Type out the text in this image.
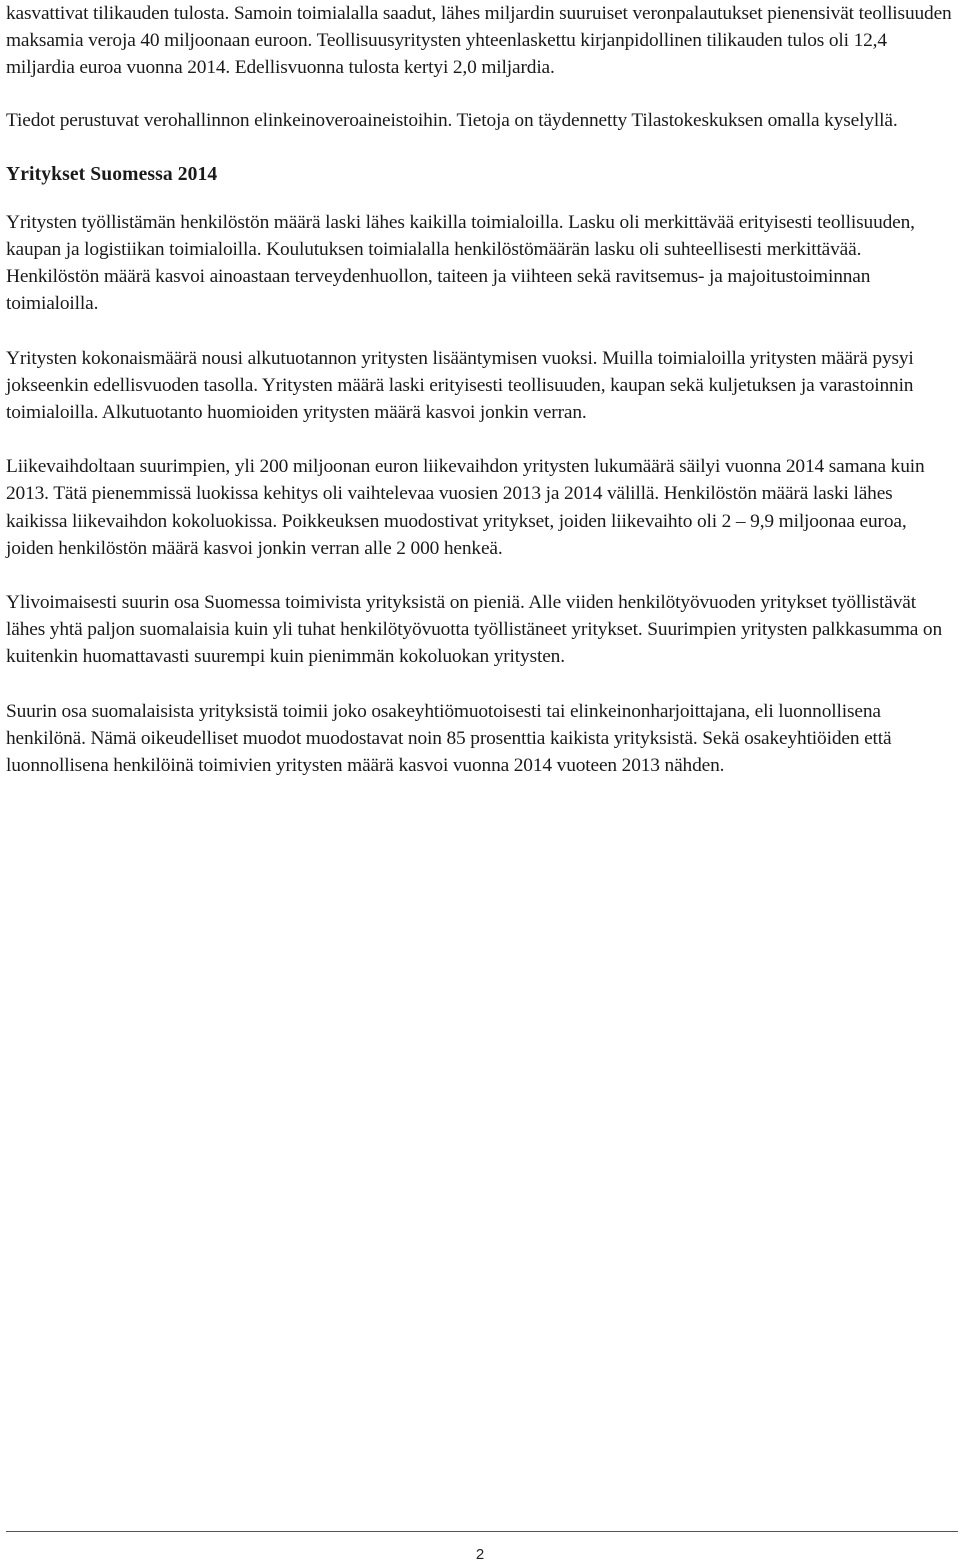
kasvattivat tilikauden tulosta. Samoin toimialalla saadut, lähes miljardin suuruiset veronpalautukset pienensivät teollisuuden maksamia veroja 40 miljoonaan euroon. Teollisuusyritysten yhteenlaskettu kirjanpidollinen tilikauden tulos oli 12,4 miljardia euroa vuonna 2014. Edellisvuonna tulosta kertyi 2,0 miljardia.

Tiedot perustuvat verohallinnon elinkeinoveroaineistoihin. Tietoja on täydennetty Tilastokeskuksen omalla kyselyllä.

Yritykset Suomessa 2014

Yritysten työllistämän henkilöstön määrä laski lähes kaikilla toimialoilla. Lasku oli merkittävää erityisesti teollisuuden, kaupan ja logistiikan toimialoilla. Koulutuksen toimialalla henkilöstömäärän lasku oli suhteellisesti merkittävää. Henkilöstön määrä kasvoi ainoastaan terveydenhuollon, taiteen ja viihteen sekä ravitsemus- ja majoitustoiminnan toimialoilla.

Yritysten kokonaismäärä nousi alkutuotannon yritysten lisääntymisen vuoksi. Muilla toimialoilla yritysten määrä pysyi jokseenkin edellisvuoden tasolla. Yritysten määrä laski erityisesti teollisuuden, kaupan sekä kuljetuksen ja varastoinnin toimialoilla. Alkutuotanto huomioiden yritysten määrä kasvoi jonkin verran.

Liikevaihdoltaan suurimpien, yli 200 miljoonan euron liikevaihdon yritysten lukumäärä säilyi vuonna 2014 samana kuin 2013. Tätä pienemmissä luokissa kehitys oli vaihtelevaa vuosien 2013 ja 2014 välillä. Henkilöstön määrä laski lähes kaikissa liikevaihdon kokoluokissa. Poikkeuksen muodostivat yritykset, joiden liikevaihto oli 2 – 9,9 miljoonaa euroa, joiden henkilöstön määrä kasvoi jonkin verran alle 2 000 henkeä.

Ylivoimaisesti suurin osa Suomessa toimivista yrityksistä on pieniä. Alle viiden henkilötyövuoden yritykset työllistävät lähes yhtä paljon suomalaisia kuin yli tuhat henkilötyövuotta työllistäneet yritykset. Suurimpien yritysten palkkasumma on kuitenkin huomattavasti suurempi kuin pienimmän kokoluokan yritysten.

Suurin osa suomalaisista yrityksistä toimii joko osakeyhtiömuotoisesti tai elinkeinonharjoittajana, eli luonnollisena henkilönä. Nämä oikeudelliset muodot muodostavat noin 85 prosenttia kaikista yrityksistä. Sekä osakeyhtiöiden että luonnollisena henkilöinä toimivien yritysten määrä kasvoi vuonna 2014 vuoteen 2013 nähden.

2
